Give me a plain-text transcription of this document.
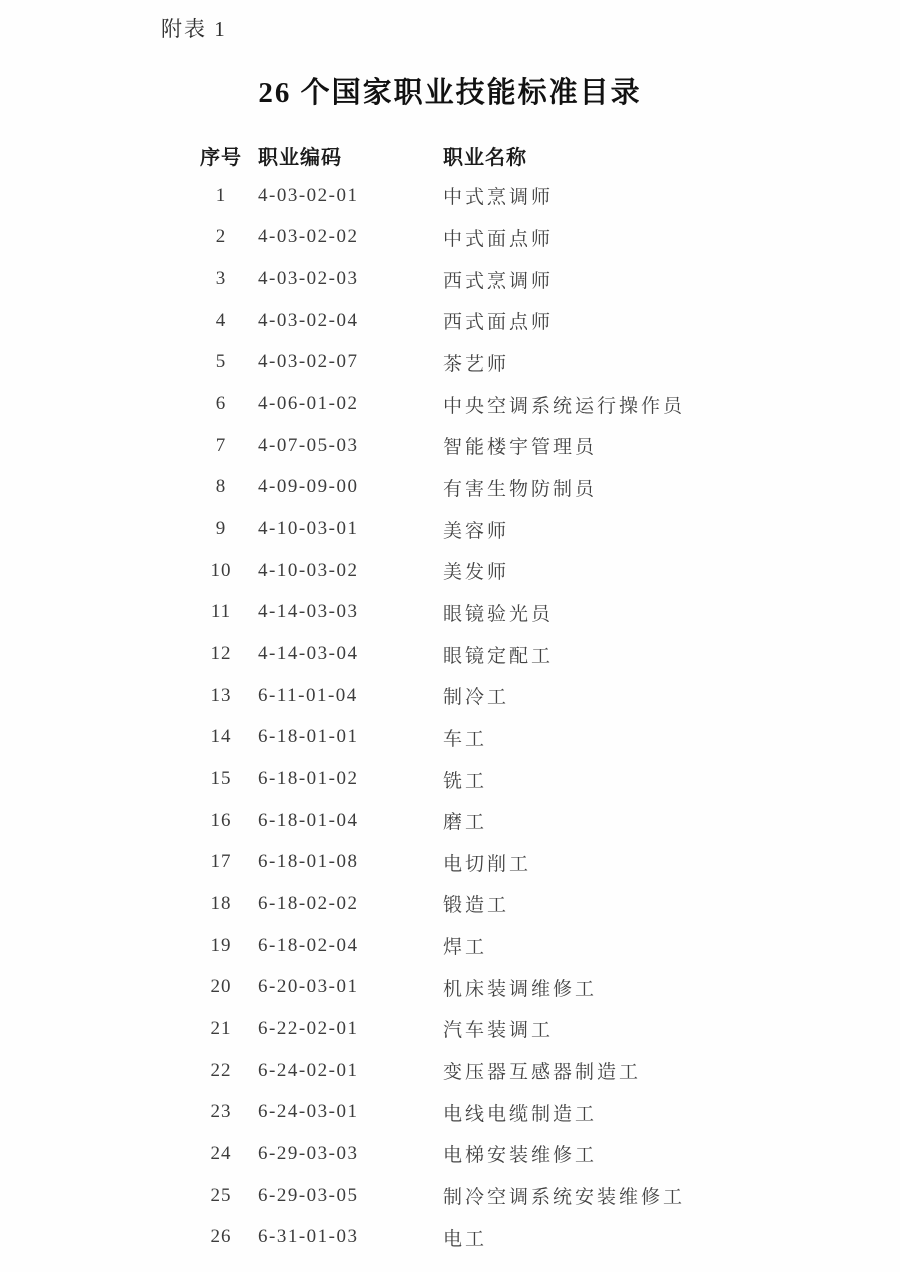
附表 1
26 个国家职业技能标准目录
序号 职业编码	职业名称
1	4-03-02-01	中式烹调师
2	4-03-02-02	中式面点师
3	4-03-02-03	西式烹调师
4	4-03-02-04	西式面点师
5	4-03-02-07	茶艺师
6	4-06-01-02	中央空调系统运行操作员
7	4-07-05-03	智能楼宇管理员
8	4-09-09-00	有害生物防制员
9	4-10-03-01	美容师
10	4-10-03-02	美发师
11	4-14-03-03	眼镜验光员
12	4-14-03-04	眼镜定配工
13	6-11-01-04	制冷工
14	6-18-01-01	车工
15	6-18-01-02	铣工
16	6-18-01-04	磨工
17	6-18-01-08	电切削工
18	6-18-02-02	锻造工
19	6-18-02-04	焊工
20	6-20-03-01	机床装调维修工
21	6-22-02-01	汽车装调工
22	6-24-02-01	变压器互感器制造工
23	6-24-03-01	电线电缆制造工
24	6-29-03-03	电梯安装维修工
25	6-29-03-05	制冷空调系统安装维修工
26	6-31-01-03	电工
